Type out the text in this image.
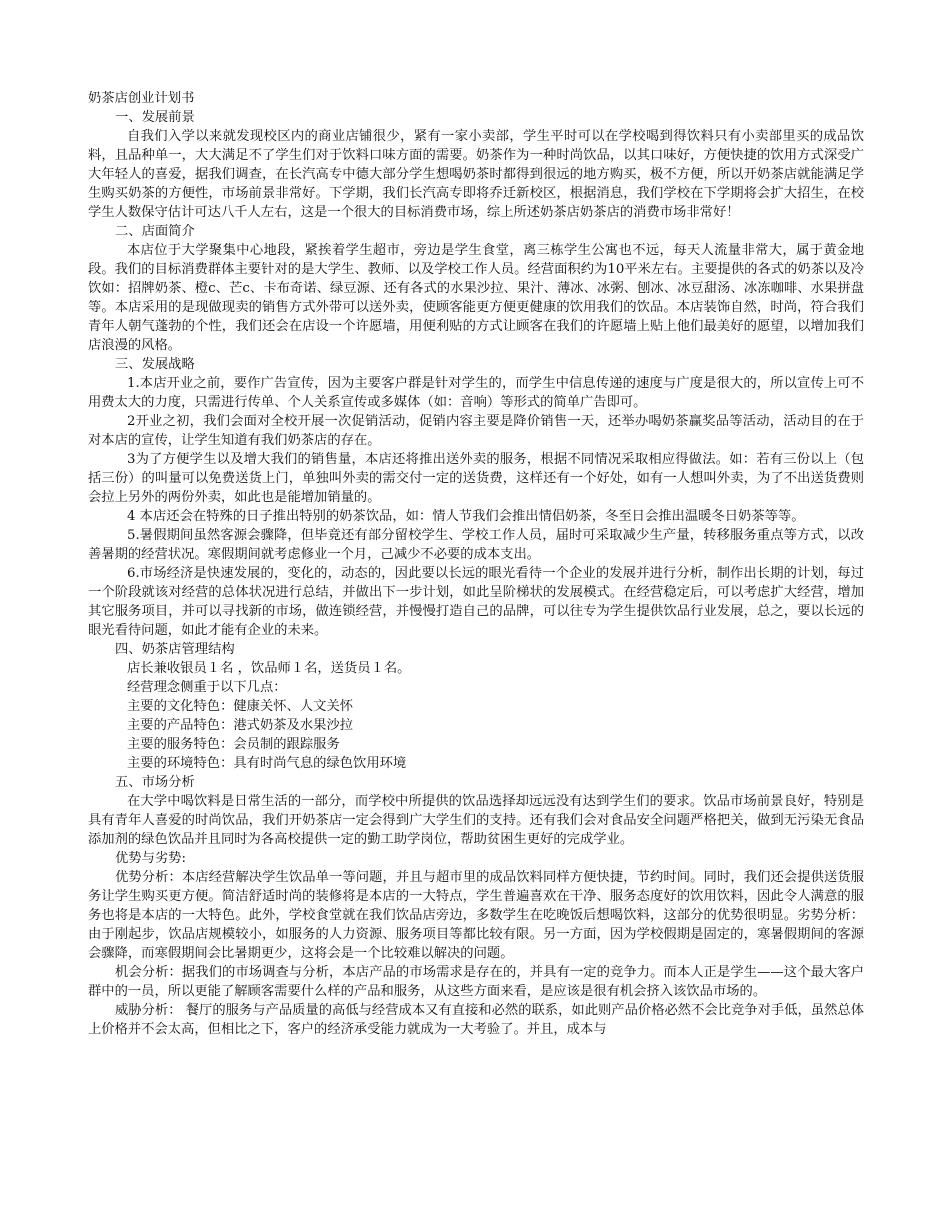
奶茶店创业计划书

一、发展前景

自我们入学以来就发现校区内的商业店铺很少，紧有一家小卖部，学生平时可以在学校喝到得饮料只有小卖部里买的成品饮料，且品种单一，大大满足不了学生们对于饮料口味方面的需要。奶茶作为一种时尚饮品，以其口味好，方便快捷的饮用方式深受广大年轻人的喜爱，据我们调查，在长汽高专中德大部分学生想喝奶茶时都得到很远的地方购买，极不方便，所以开奶茶店就能满足学生购买奶茶的方便性，市场前景非常好。下学期，我们长汽高专即将乔迁新校区，根据消息，我们学校在下学期将会扩大招生，在校学生人数保守估计可达八千人左右，这是一个很大的目标消费市场，综上所述奶茶店奶茶店的消费市场非常好！

二、店面简介

本店位于大学聚集中心地段，紧挨着学生超市，旁边是学生食堂，离三栋学生公寓也不远，每天人流量非常大，属于黄金地段。我们的目标消费群体主要针对的是大学生、教师、以及学校工作人员。经营面积约为10平米左右。主要提供的各式的奶茶以及冷饮如：招牌奶茶、橙c、芒c、卡布奇诺、绿豆源、还有各式的水果沙拉、果汁、薄冰、冰粥、刨冰、冰豆甜汤、冰冻咖啡、水果拼盘等。本店采用的是现做现卖的销售方式外带可以送外卖，使顾客能更方便更健康的饮用我们的饮品。本店装饰自然，时尚，符合我们青年人朝气蓬勃的个性，我们还会在店设一个许愿墙，用便利贴的方式让顾客在我们的许愿墙上贴上他们最美好的愿望，以增加我们店浪漫的风格。

三、发展战略

1.本店开业之前，要作广告宣传，因为主要客户群是针对学生的，而学生中信息传递的速度与广度是很大的，所以宣传上可不用费太大的力度，只需进行传单、个人关系宣传或多媒体（如：音响）等形式的简单广告即可。

2开业之初，我们会面对全校开展一次促销活动，促销内容主要是降价销售一天，还举办喝奶茶赢奖品等活动，活动目的在于对本店的宣传，让学生知道有我们奶茶店的存在。

3为了方便学生以及增大我们的销售量，本店还将推出送外卖的服务，根据不同情况采取相应得做法。如：若有三份以上（包括三份）的叫量可以免费送货上门，单独叫外卖的需交付一定的送货费，这样还有一个好处，如有一人想叫外卖，为了不出送货费则会拉上另外的两份外卖，如此也是能增加销量的。

4 本店还会在特殊的日子推出特别的奶茶饮品，如：情人节我们会推出情侣奶茶，冬至日会推出温暖冬日奶茶等等。

5.暑假期间虽然客源会骤降，但毕竟还有部分留校学生、学校工作人员，届时可采取减少生产量，转移服务重点等方式，以改善暑期的经营状况。寒假期间就考虑修业一个月，己减少不必要的成本支出。

6.市场经济是快速发展的，变化的，动态的，因此要以长远的眼光看待一个企业的发展并进行分析，制作出长期的计划，每过一个阶段就该对经营的总体状况进行总结，并做出下一步计划，如此呈阶梯状的发展模式。在经营稳定后，可以考虑扩大经营，增加其它服务项目，并可以寻找新的市场，做连锁经营，并慢慢打造自己的品牌，可以往专为学生提供饮品行业发展，总之，要以长远的眼光看待问题，如此才能有企业的未来。

四、奶茶店管理结构

店长兼收银员１名 ，饮品师１名，送货员１名。

经营理念侧重于以下几点：

主要的文化特色：健康关怀、人文关怀

主要的产品特色：港式奶茶及水果沙拉

主要的服务特色：会员制的跟踪服务

主要的环境特色：具有时尚气息的绿色饮用环境

五、市场分析

在大学中喝饮料是日常生活的一部分，而学校中所提供的饮品选择却远远没有达到学生们的要求。饮品市场前景良好，特别是具有青年人喜爱的时尚饮品，我们开奶茶店一定会得到广大学生们的支持。还有我们会对食品安全问题严格把关，做到无污染无食品添加剂的绿色饮品并且同时为各高校提供一定的勤工助学岗位，帮助贫困生更好的完成学业。

优势与劣势:

优势分析：本店经营解决学生饮品单一等问题，并且与超市里的成品饮料同样方便快捷，节约时间。同时，我们还会提供送货服务让学生购买更方便。简洁舒适时尚的装修将是本店的一大特点，学生普遍喜欢在干净、服务态度好的饮用饮料，因此令人满意的服务也将是本店的一大特色。此外，学校食堂就在我们饮品店旁边，多数学生在吃晚饭后想喝饮料，这部分的优势很明显。劣势分析：由于刚起步，饮品店规模较小，如服务的人力资源、服务项目等都比较有限。另一方面，因为学校假期是固定的，寒暑假期间的客源会骤降，而寒假期间会比暑期更少，这将会是一个比较难以解决的问题。

机会分析：据我们的市场调查与分析，本店产品的市场需求是存在的，并具有一定的竞争力。而本人正是学生——这个最大客户群中的一员，所以更能了解顾客需要什么样的产品和服务，从这些方面来看，是应该是很有机会挤入该饮品市场的。

威胁分析： 餐厅的服务与产品质量的高低与经营成本又有直接和必然的联系，如此则产品价格必然不会比竞争对手低，虽然总体上价格并不会太高，但相比之下，客户的经济承受能力就成为一大考验了。并且，成本与
